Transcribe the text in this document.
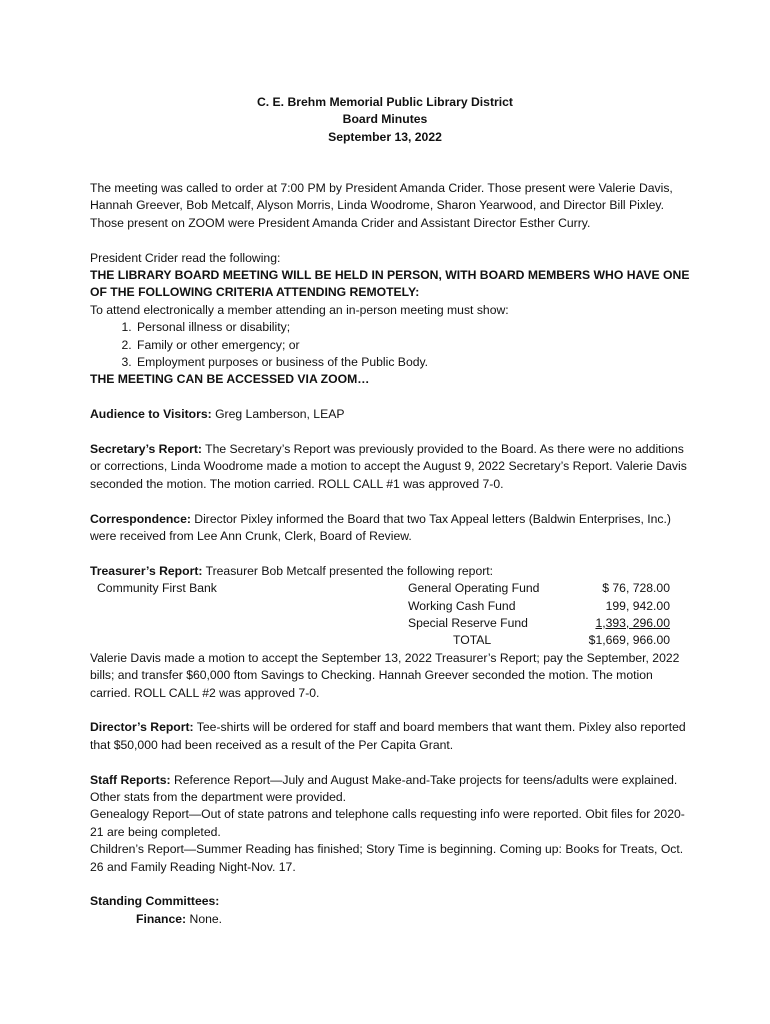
C. E. Brehm Memorial Public Library District
Board Minutes
September 13, 2022

The meeting was called to order at 7:00 PM by President Amanda Crider. Those present were Valerie Davis, Hannah Greever, Bob Metcalf, Alyson Morris, Linda Woodrome, Sharon Yearwood, and Director Bill Pixley. Those present on ZOOM were President Amanda Crider and Assistant Director Esther Curry.

President Crider read the following:

THE LIBRARY BOARD MEETING WILL BE HELD IN PERSON, WITH BOARD MEMBERS WHO HAVE ONE OF THE FOLLOWING CRITERIA ATTENDING REMOTELY:

To attend electronically a member attending an in-person meeting must show:

1. Personal illness or disability;
2. Family or other emergency; or
3. Employment purposes or business of the Public Body.

THE MEETING CAN BE ACCESSED VIA ZOOM…

Audience to Visitors: Greg Lamberson, LEAP

Secretary’s Report: The Secretary’s Report was previously provided to the Board. As there were no additions or corrections, Linda Woodrome made a motion to accept the August 9, 2022 Secretary’s Report. Valerie Davis seconded the motion. The motion carried. ROLL CALL #1 was approved 7-0.

Correspondence: Director Pixley informed the Board that two Tax Appeal letters (Baldwin Enterprises, Inc.) were received from Lee Ann Crunk, Clerk, Board of Review.

Treasurer’s Report: Treasurer Bob Metcalf presented the following report:

Community First Bank	General Operating Fund	$ 76, 728.00
Working Cash Fund	199, 942.00
Special Reserve Fund	1,393, 296.00
TOTAL	$1,669, 966.00

Valerie Davis made a motion to accept the September 13, 2022 Treasurer’s Report; pay the September, 2022 bills; and transfer $60,000 ftom Savings to Checking. Hannah Greever seconded the motion. The motion carried. ROLL CALL #2 was approved 7-0.

Director’s Report: Tee-shirts will be ordered for staff and board members that want them. Pixley also reported that $50,000 had been received as a result of the Per Capita Grant.

Staff Reports: Reference Report—July and August Make-and-Take projects for teens/adults were explained. Other stats from the department were provided.

Genealogy Report—Out of state patrons and telephone calls requesting info were reported. Obit files for 2020-21 are being completed.

Children’s Report—Summer Reading has finished; Story Time is beginning. Coming up: Books for Treats, Oct. 26 and Family Reading Night-Nov. 17.

Standing Committees:

Finance: None.
